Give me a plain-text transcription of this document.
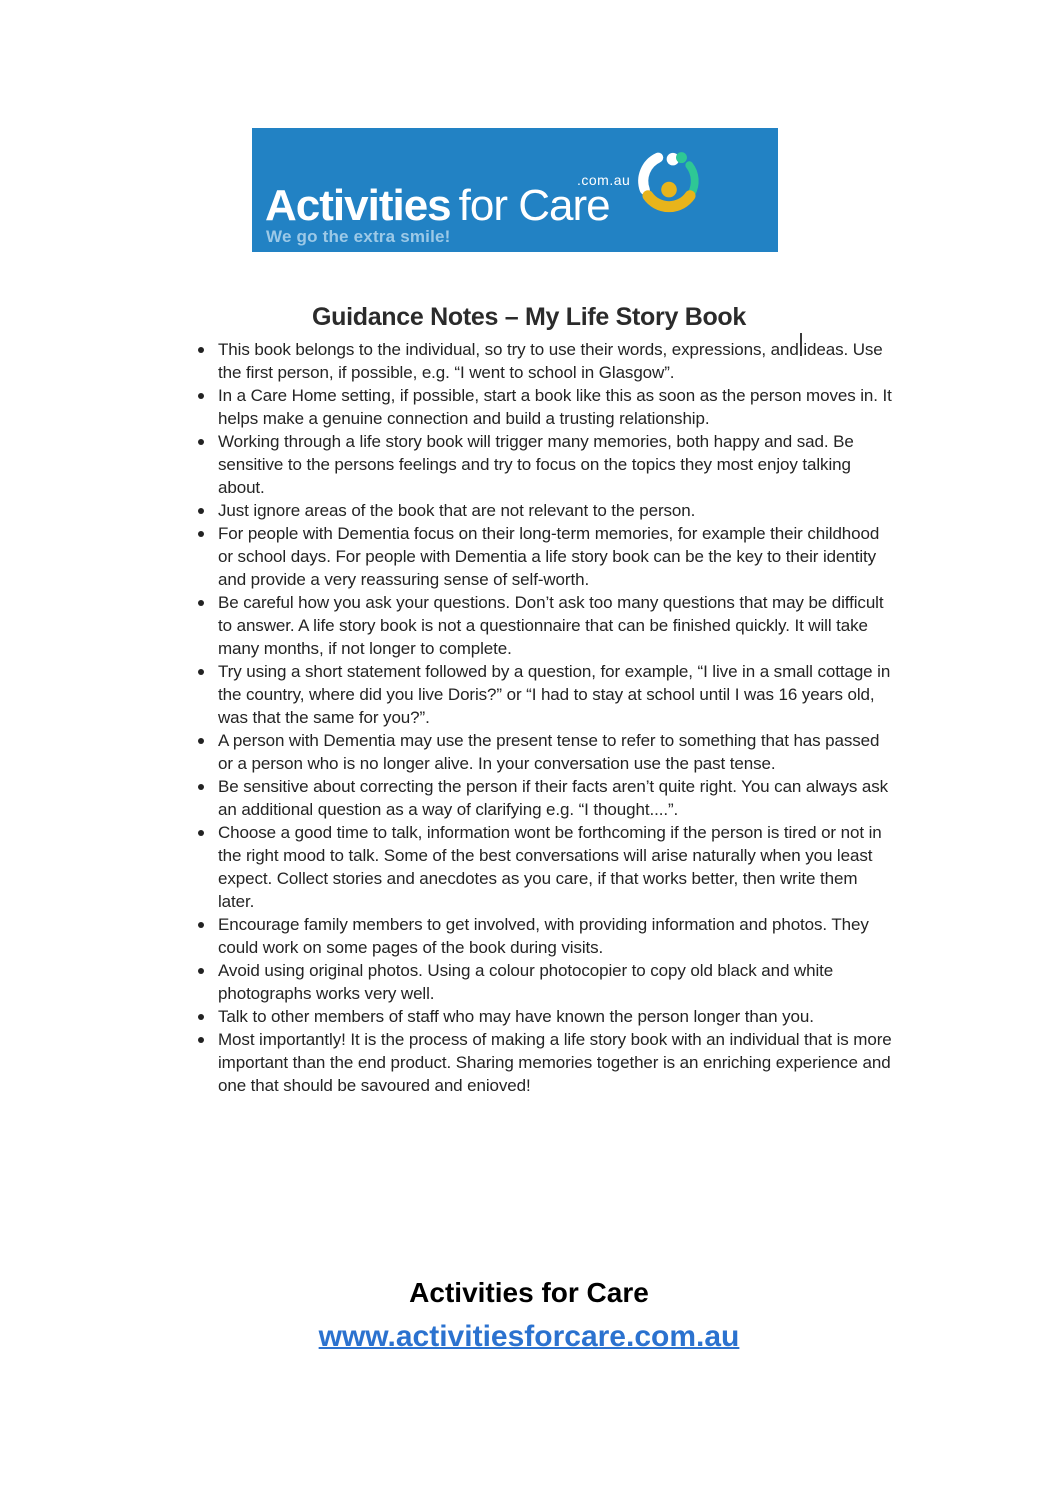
.com.au
Activities for Care
We go the extra smile!
Guidance Notes – My Life Story Book
This book belongs to the individual, so try to use their words, expressions, and ideas. Use the first person, if possible, e.g. “I went to school in Glasgow”.
In a Care Home setting, if possible, start a book like this as soon as the person moves in. It helps make a genuine connection and build a trusting relationship.
Working through a life story book will trigger many memories, both happy and sad. Be sensitive to the persons feelings and try to focus on the topics they most enjoy talking about.
Just ignore areas of the book that are not relevant to the person.
For people with Dementia focus on their long-term memories, for example their childhood or school days. For people with Dementia a life story book can be the key to their identity and provide a very reassuring sense of self-worth.
Be careful how you ask your questions. Don’t ask too many questions that may be difficult to answer. A life story book is not a questionnaire that can be finished quickly. It will take many months, if not longer to complete.
Try using a short statement followed by a question, for example, “I live in a small cottage in the country, where did you live Doris?” or “I had to stay at school until I was 16 years old, was that the same for you?”.
A person with Dementia may use the present tense to refer to something that has passed or a person who is no longer alive. In your conversation use the past tense.
Be sensitive about correcting the person if their facts aren’t quite right. You can always ask an additional question as a way of clarifying e.g. “I thought....”.
Choose a good time to talk, information wont be forthcoming if the person is tired or not in the right mood to talk. Some of the best conversations will arise naturally when you least expect. Collect stories and anecdotes as you care, if that works better, then write them later.
Encourage family members to get involved, with providing information and photos. They could work on some pages of the book during visits.
Avoid using original photos. Using a colour photocopier to copy old black and white photographs works very well.
Talk to other members of staff who may have known the person longer than you.
Most importantly! It is the process of making a life story book with an individual that is more important than the end product. Sharing memories together is an enriching experience and one that should be savoured and enioved!
Activities for Care
www.activitiesforcare.com.au
